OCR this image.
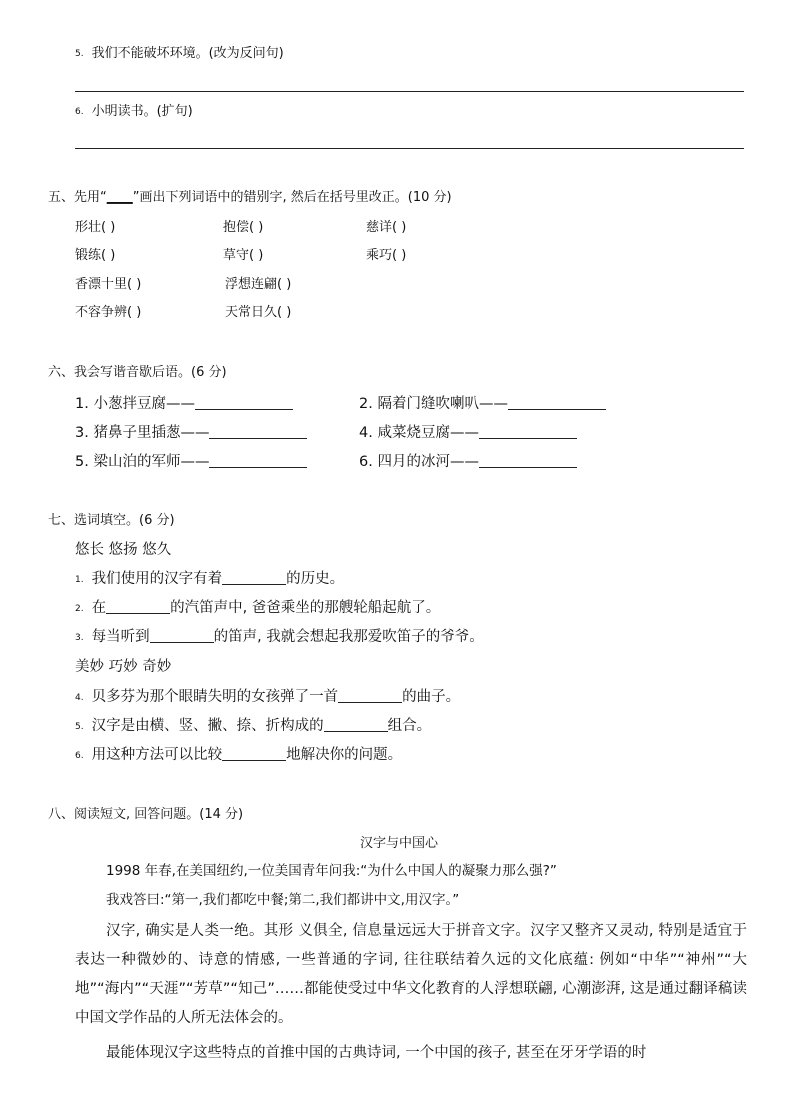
5. 我们不能破坏环境。(改为反问句)
6. 小明读书。(扩句)
五、先用“____”画出下列词语中的错别字, 然后在括号里改正。(10 分)
形壮( )	抱偿( )	慈详( )
锻练( )	草守( )	乘巧( )
香漂十里( )	浮想连翩( )
不容争辨( )	天常日久( )
六、我会写谐音歇后语。(6 分)
1. 小葱拌豆腐——	2. 隔着门缝吹喇叭——
3. 猪鼻子里插葱——	4. 咸菜烧豆腐——
5. 梁山泊的军师——	6. 四月的冰河——
七、选词填空。(6 分)
悠长 悠扬 悠久
1. 我们使用的汉字有着	的历史。
2. 在	的汽笛声中, 爸爸乘坐的那艘轮船起航了。
3. 每当听到	的笛声, 我就会想起我那爱吹笛子的爷爷。
美妙 巧妙 奇妙
4. 贝多芬为那个眼睛失明的女孩弹了一首	的曲子。
5. 汉字是由横、竖、撇、捺、折构成的	组合。
6. 用这种方法可以比较	地解决你的问题。
八、阅读短文, 回答问题。(14 分)
汉字与中国心
1998 年春,在美国纽约,一位美国青年问我:“为什么中国人的凝聚力那么强?”
我戏答曰:“第一,我们都吃中餐;第二,我们都讲中文,用汉字。”
汉字, 确实是人类一绝。其形 义俱全, 信息量远远大于拼音文字。汉字又整齐又灵动, 特别是适宜于表达一种微妙的、诗意的情感, 一些普通的字词, 往往联结着久远的文化底蕴: 例如“中华”“神州”“大地”“海内”“天涯”“芳草”“知己”……都能使受过中华文化教育的人浮想联翩, 心潮澎湃, 这是通过翻译稿读中国文学作品的人所无法体会的。
最能体现汉字这些特点的首推中国的古典诗词, 一个中国的孩子, 甚至在牙牙学语的时
